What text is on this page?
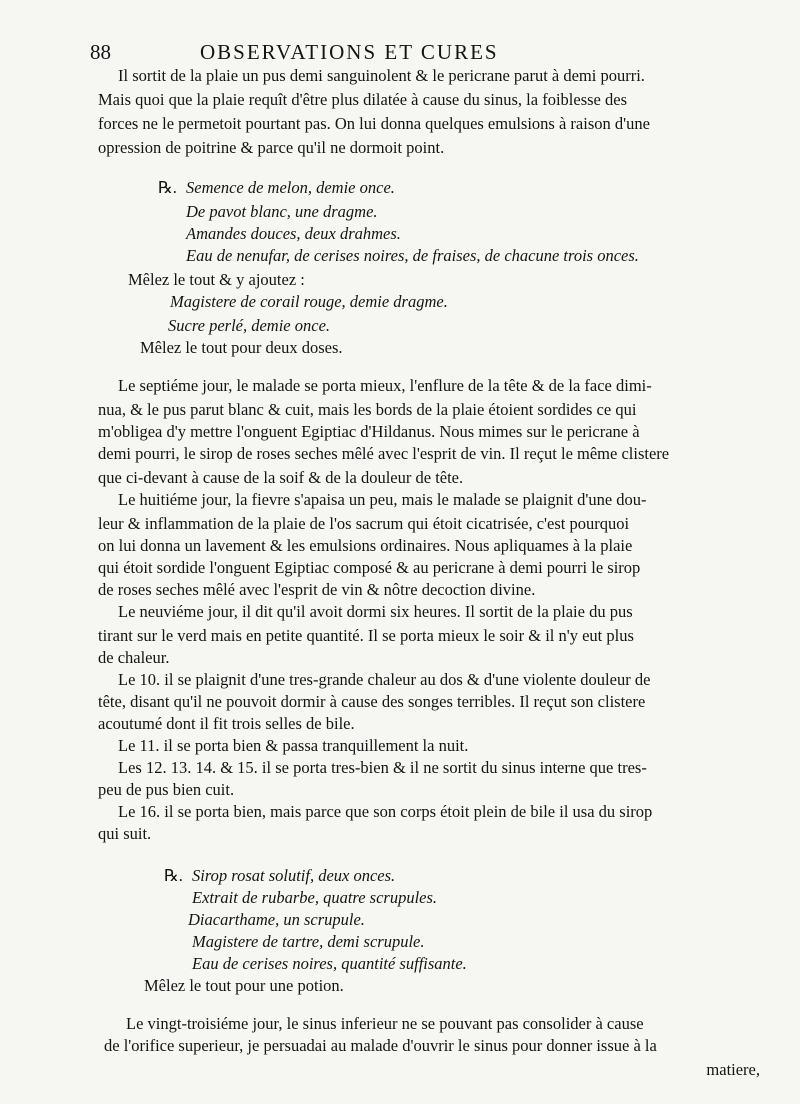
88	OBSERVATIONS ET CURES
Il sortit de la plaie un pus demi sanguinolent & le pericrane parut à demi pourri.
Mais quoi que la plaie requît d'être plus dilatée à cause du sinus, la foiblesse des
forces ne le permetoit pourtant pas. On lui donna quelques emulsions à raison d'une
opression de poitrine & parce qu'il ne dormoit point.
℞. Semence de melon, demie once.
De pavot blanc, une dragme.
Amandes douces, deux drahmes.
Eau de nenufar, de cerises noires, de fraises, de chacune trois onces.
Mêlez le tout & y ajoutez :
Magistere de corail rouge, demie dragme.
Sucre perlé, demie once.
Mêlez le tout pour deux doses.
Le septiéme jour, le malade se porta mieux, l'enflure de la tête & de la face dimi-
nua, & le pus parut blanc & cuit, mais les bords de la plaie étoient sordides ce qui
m'obligea d'y mettre l'onguent Egiptiac d'Hildanus. Nous mimes sur le pericrane à
demi pourri, le sirop de roses seches mêlé avec l'esprit de vin. Il reçut le même clistere
que ci-devant à cause de la soif & de la douleur de tête.
Le huitiéme jour, la fievre s'apaisa un peu, mais le malade se plaignit d'une dou-
leur & inflammation de la plaie de l'os sacrum qui étoit cicatrisée, c'est pourquoi
on lui donna un lavement & les emulsions ordinaires. Nous apliquames à la plaie
qui étoit sordide l'onguent Egiptiac composé & au pericrane à demi pourri le sirop
de roses seches mêlé avec l'esprit de vin & nôtre decoction divine.
Le neuviéme jour, il dit qu'il avoit dormi six heures. Il sortit de la plaie du pus
tirant sur le verd mais en petite quantité. Il se porta mieux le soir & il n'y eut plus
de chaleur.
Le 10. il se plaignit d'une tres-grande chaleur au dos & d'une violente douleur de
tête, disant qu'il ne pouvoit dormir à cause des songes terribles. Il reçut son clistere
acoutumé dont il fit trois selles de bile.
Le 11. il se porta bien & passa tranquillement la nuit.
Les 12. 13. 14. & 15. il se porta tres-bien & il ne sortit du sinus interne que tres-
peu de pus bien cuit.
Le 16. il se porta bien, mais parce que son corps étoit plein de bile il usa du sirop
qui suit.
℞. Sirop rosat solutif, deux onces.
Extrait de rubarbe, quatre scrupules.
Diacarthame, un scrupule.
Magistere de tartre, demi scrupule.
Eau de cerises noires, quantité suffisante.
Mêlez le tout pour une potion.
Le vingt-troisiéme jour, le sinus inferieur ne se pouvant pas consolider à cause
de l'orifice superieur, je persuadai au malade d'ouvrir le sinus pour donner issue à la
matiere,
